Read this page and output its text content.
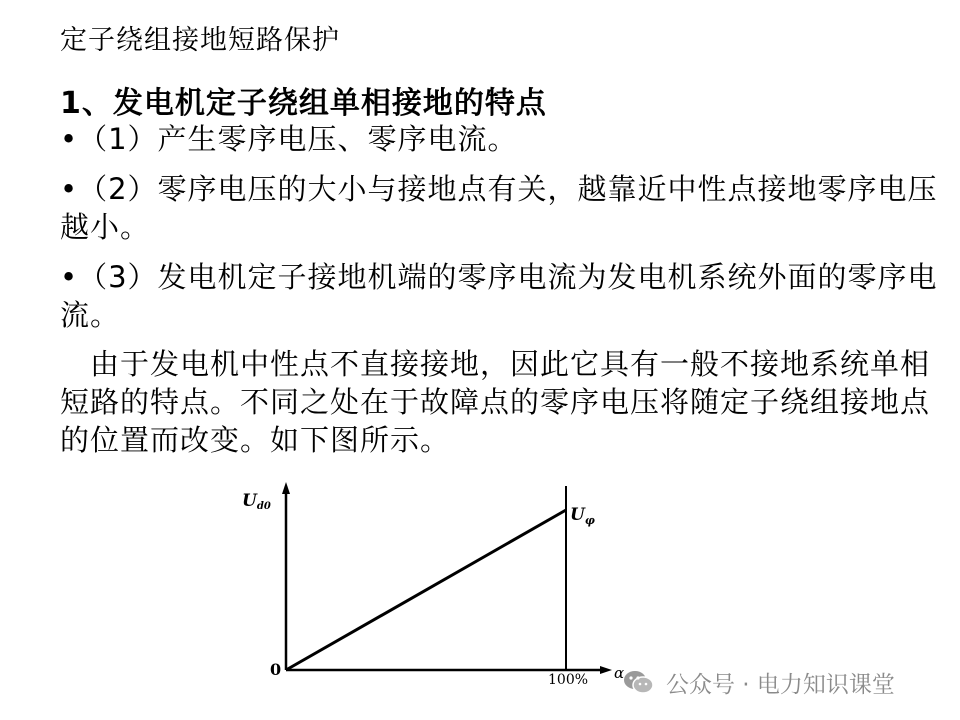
定子绕组接地短路保护
1、发电机定子绕组单相接地的特点
•（1）产生零序电压、零序电流。
•（2）零序电压的大小与接地点有关，越靠近中性点接地零序电压越小。
•（3）发电机定子接地机端的零序电流为发电机系统外面的零序电流。
由于发电机中性点不直接接地，因此它具有一般不接地系统单相短路的特点。不同之处在于故障点的零序电压将随定子绕组接地点的位置而改变。如下图所示。
Ud0	$U_\varphi$
0
100% α 公众号 · 电力知识课堂
